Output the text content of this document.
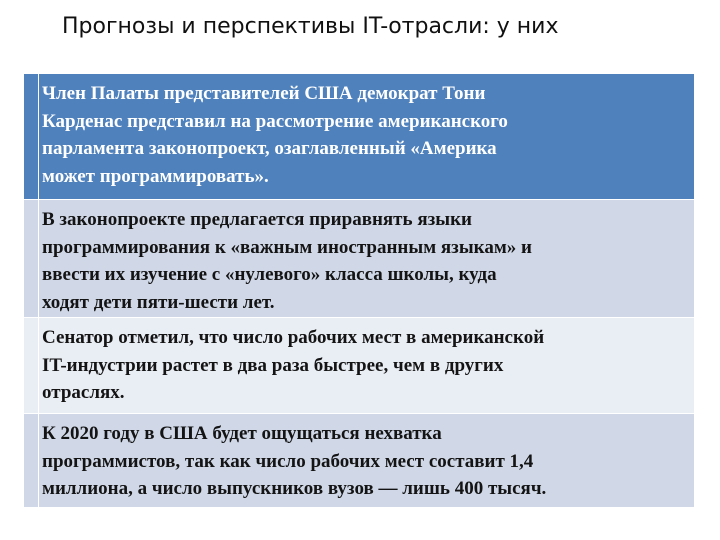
Прогнозы и перспективы IT-отрасли: у них
Член Палаты представителей США демократ Тони
Карденас представил на рассмотрение американского
парламента законопроект, озаглавленный «Америка
может программировать».
В законопроекте предлагается приравнять языки
программирования к «важным иностранным языкам» и
ввести их изучение с «нулевого» класса школы, куда
ходят дети пяти-шести лет.
Сенатор отметил, что число рабочих мест в американской
IT-индустрии растет в два раза быстрее, чем в других
отраслях.
К 2020 году в США будет ощущаться нехватка
программистов, так как число рабочих мест составит 1,4
миллиона, а число выпускников вузов — лишь 400 тысяч.
